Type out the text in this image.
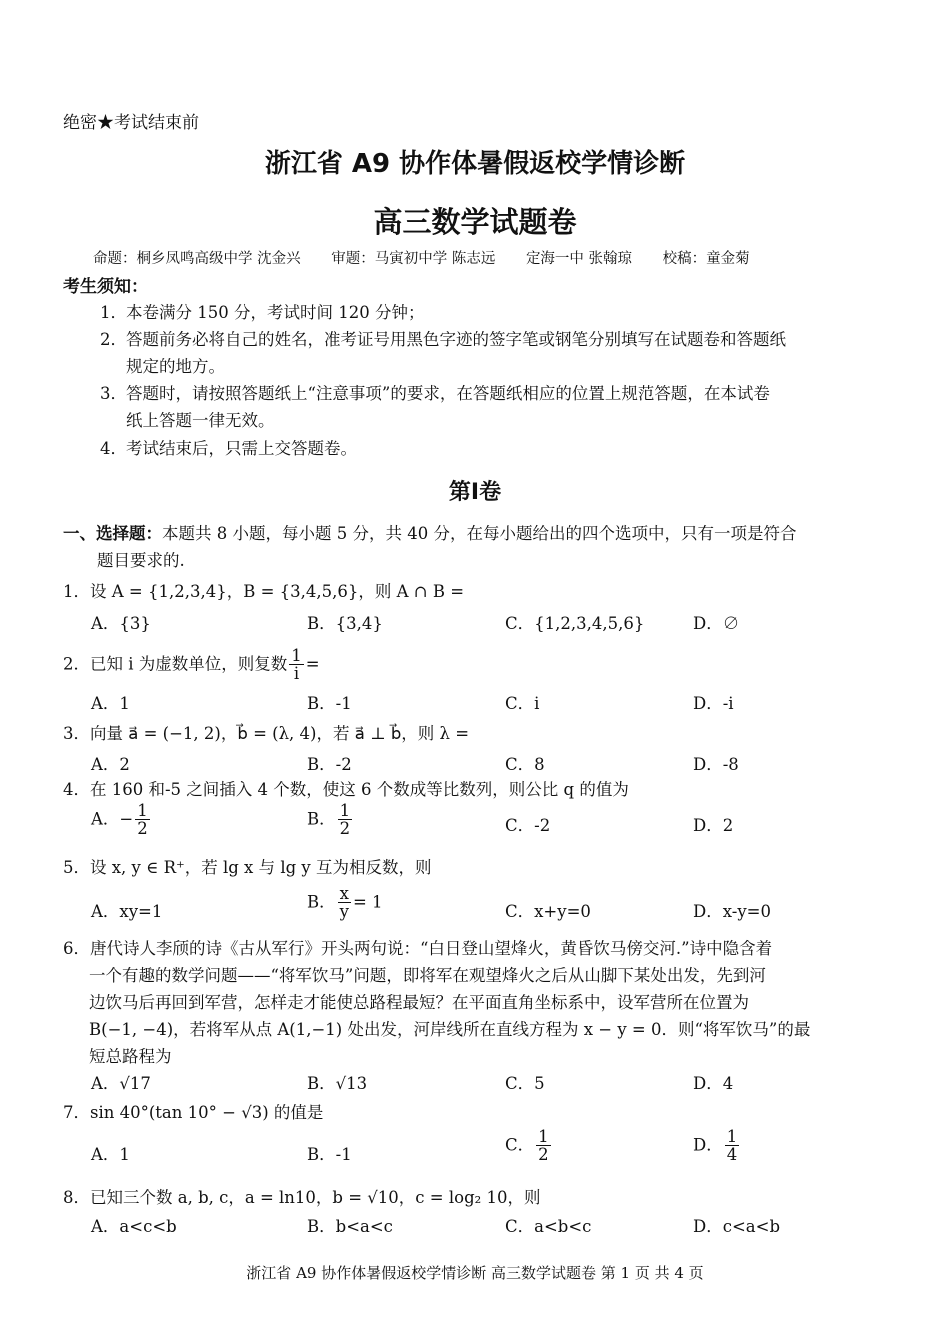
绝密★考试结束前
浙江省 A9 协作体暑假返校学情诊断
高三数学试题卷
命题：桐乡凤鸣高级中学 沈金兴 审题：马寅初中学 陈志远 定海一中 张翰琼 校稿：童金菊
考生须知：
1．本卷满分 150 分，考试时间 120 分钟；
2．答题前务必将自己的姓名，准考证号用黑色字迹的签字笔或钢笔分别填写在试题卷和答题纸
规定的地方。
3．答题时，请按照答题纸上“注意事项”的要求，在答题纸相应的位置上规范答题，在本试卷
纸上答题一律无效。
4．考试结束后，只需上交答题卷。
第Ⅰ卷
一、选择题：本题共 8 小题，每小题 5 分，共 40 分，在每小题给出的四个选项中，只有一项是符合
题目要求的.
1．设 A = {1,2,3,4}，B = {3,4,5,6}，则 A ∩ B =
A．{3}	B．{3,4}	C．{1,2,3,4,5,6}	D．∅
2．已知 i 为虚数单位，则复数 $\frac{1}{i}$ =
A．1	B．-1	C．i	D．-i
3．向量 a⃗ = (−1, 2)，b⃗ = (λ, 4)，若 a⃗ ⊥ b⃗，则 λ =
A．2	B．-2	C．8	D．-8
4．在 160 和-5 之间插入 4 个数，使这 6 个数成等比数列，则公比 q 的值为
A．− $\frac{1}{2}$	B． $\frac{1}{2}$	C．-2	D．2
5．设 x, y ∈ R⁺，若 lg x 与 lg y 互为相反数，则
A．xy=1
B． $\frac{x}{y} = 1$
C．x+y=0	D．x-y=0
6．唐代诗人李颀的诗《古从军行》开头两句说：“白日登山望烽火，黄昏饮马傍交河.”诗中隐含着
一个有趣的数学问题——“将军饮马”问题，即将军在观望烽火之后从山脚下某处出发，先到河
边饮马后再回到军营，怎样走才能使总路程最短？在平面直角坐标系中，设军营所在位置为
B(−1, −4)，若将军从点 A(1,−1) 处出发，河岸线所在直线方程为 x − y = 0．则“将军饮马”的最
短总路程为
A．√17	B．√13	C．5	D．4
7．sin 40°(tan 10° − √3) 的值是
A．1	B．-1
C． $\frac{1}{2}$	D． $\frac{1}{4}$
8．已知三个数 a, b, c，a = ln10，b = √10，c = log₂ 10，则
A．a<c<b	B．b<a<c	C．a<b<c	D．c<a<b
浙江省 A9 协作体暑假返校学情诊断 高三数学试题卷 第 1 页 共 4 页
